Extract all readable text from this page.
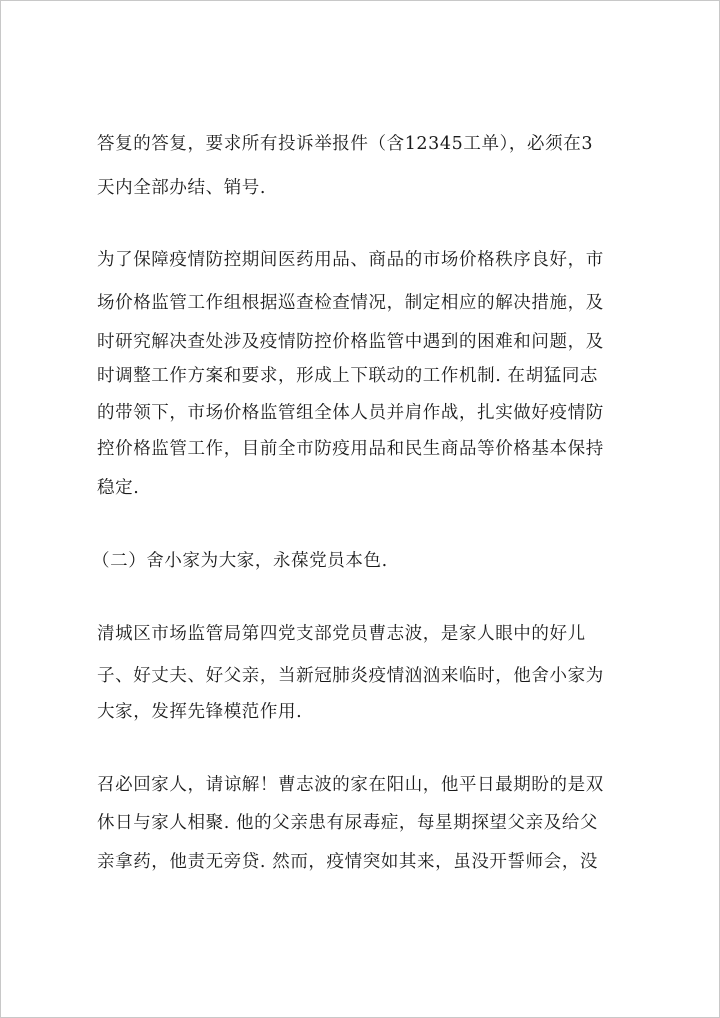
答复的答复，要求所有投诉举报件（含12345工单），必须在3
天内全部办结、销号.
为了保障疫情防控期间医药用品、商品的市场价格秩序良好，市
场价格监管工作组根据巡查检查情况，制定相应的解决措施，及
时研究解决查处涉及疫情防控价格监管中遇到的困难和问题，及
时调整工作方案和要求，形成上下联动的工作机制. 在胡猛同志
的带领下，市场价格监管组全体人员并肩作战，扎实做好疫情防
控价格监管工作，目前全市防疫用品和民生商品等价格基本保持
稳定.
（二）舍小家为大家，永葆党员本色.
清城区市场监管局第四党支部党员曹志波，是家人眼中的好儿
子、好丈夫、好父亲，当新冠肺炎疫情汹汹来临时，他舍小家为
大家，发挥先锋模范作用.
召必回家人，请谅解！曹志波的家在阳山，他平日最期盼的是双
休日与家人相聚. 他的父亲患有尿毒症，每星期探望父亲及给父
亲拿药，他责无旁贷. 然而，疫情突如其来，虽没开誓师会，没
